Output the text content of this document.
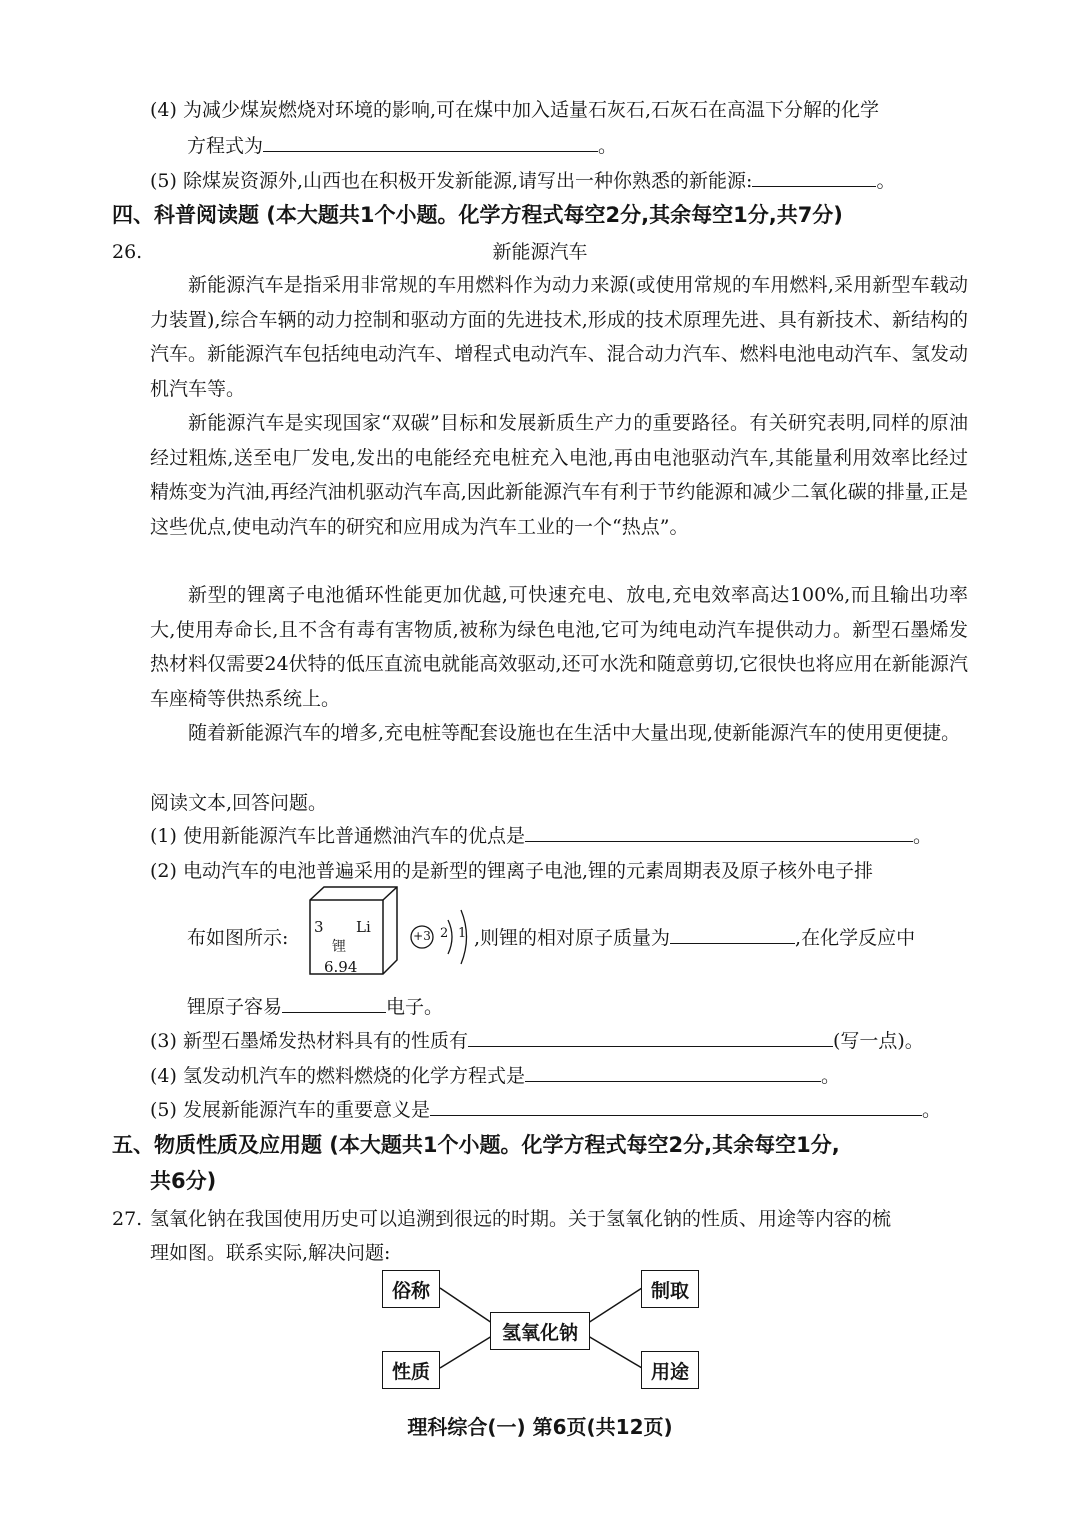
(4) 为减少煤炭燃烧对环境的影响,可在煤中加入适量石灰石,石灰石在高温下分解的化学
方程式为	。
(5) 除煤炭资源外,山西也在积极开发新能源,请写出一种你熟悉的新能源:	。
四、科普阅读题 (本大题共1个小题。化学方程式每空2分,其余每空1分,共7分)
26.	新能源汽车
新能源汽车是指采用非常规的车用燃料作为动力来源(或使用常规的车用燃料,采用新型车载动力装置),综合车辆的动力控制和驱动方面的先进技术,形成的技术原理先进、具有新技术、新结构的汽车。新能源汽车包括纯电动汽车、增程式电动汽车、混合动力汽车、燃料电池电动汽车、氢发动机汽车等。
新能源汽车是实现国家“双碳”目标和发展新质生产力的重要路径。有关研究表明,同样的原油经过粗炼,送至电厂发电,发出的电能经充电桩充入电池,再由电池驱动汽车,其能量利用效率比经过精炼变为汽油,再经汽油机驱动汽车高,因此新能源汽车有利于节约能源和减少二氧化碳的排量,正是这些优点,使电动汽车的研究和应用成为汽车工业的一个“热点”。
新型的锂离子电池循环性能更加优越,可快速充电、放电,充电效率高达100%,而且输出功率大,使用寿命长,且不含有毒有害物质,被称为绿色电池,它可为纯电动汽车提供动力。新型石墨烯发热材料仅需要24伏特的低压直流电就能高效驱动,还可水洗和随意剪切,它很快也将应用在新能源汽车座椅等供热系统上。
随着新能源汽车的增多,充电桩等配套设施也在生活中大量出现,使新能源汽车的使用更便捷。
阅读文本,回答问题。
(1) 使用新能源汽车比普通燃油汽车的优点是	。
(2) 电动汽车的电池普遍采用的是新型的锂离子电池,锂的元素周期表及原子核外电子排
布如图所示: 3 Li
锂
6.94
+3 2 1 ,则锂的相对原子质量为	,在化学反应中
锂原子容易	电子。
(3) 新型石墨烯发热材料具有的性质有	(写一点)。
(4) 氢发动机汽车的燃料燃烧的化学方程式是	。
(5) 发展新能源汽车的重要意义是	。
五、物质性质及应用题 (本大题共1个小题。化学方程式每空2分,其余每空1分,
共6分)
27. 氢氧化钠在我国使用历史可以追溯到很远的时期。关于氢氧化钠的性质、用途等内容的梳
理如图。联系实际,解决问题:
俗称	制取
性质	用途
氢氧化钠
理科综合(一) 第6页(共12页)
